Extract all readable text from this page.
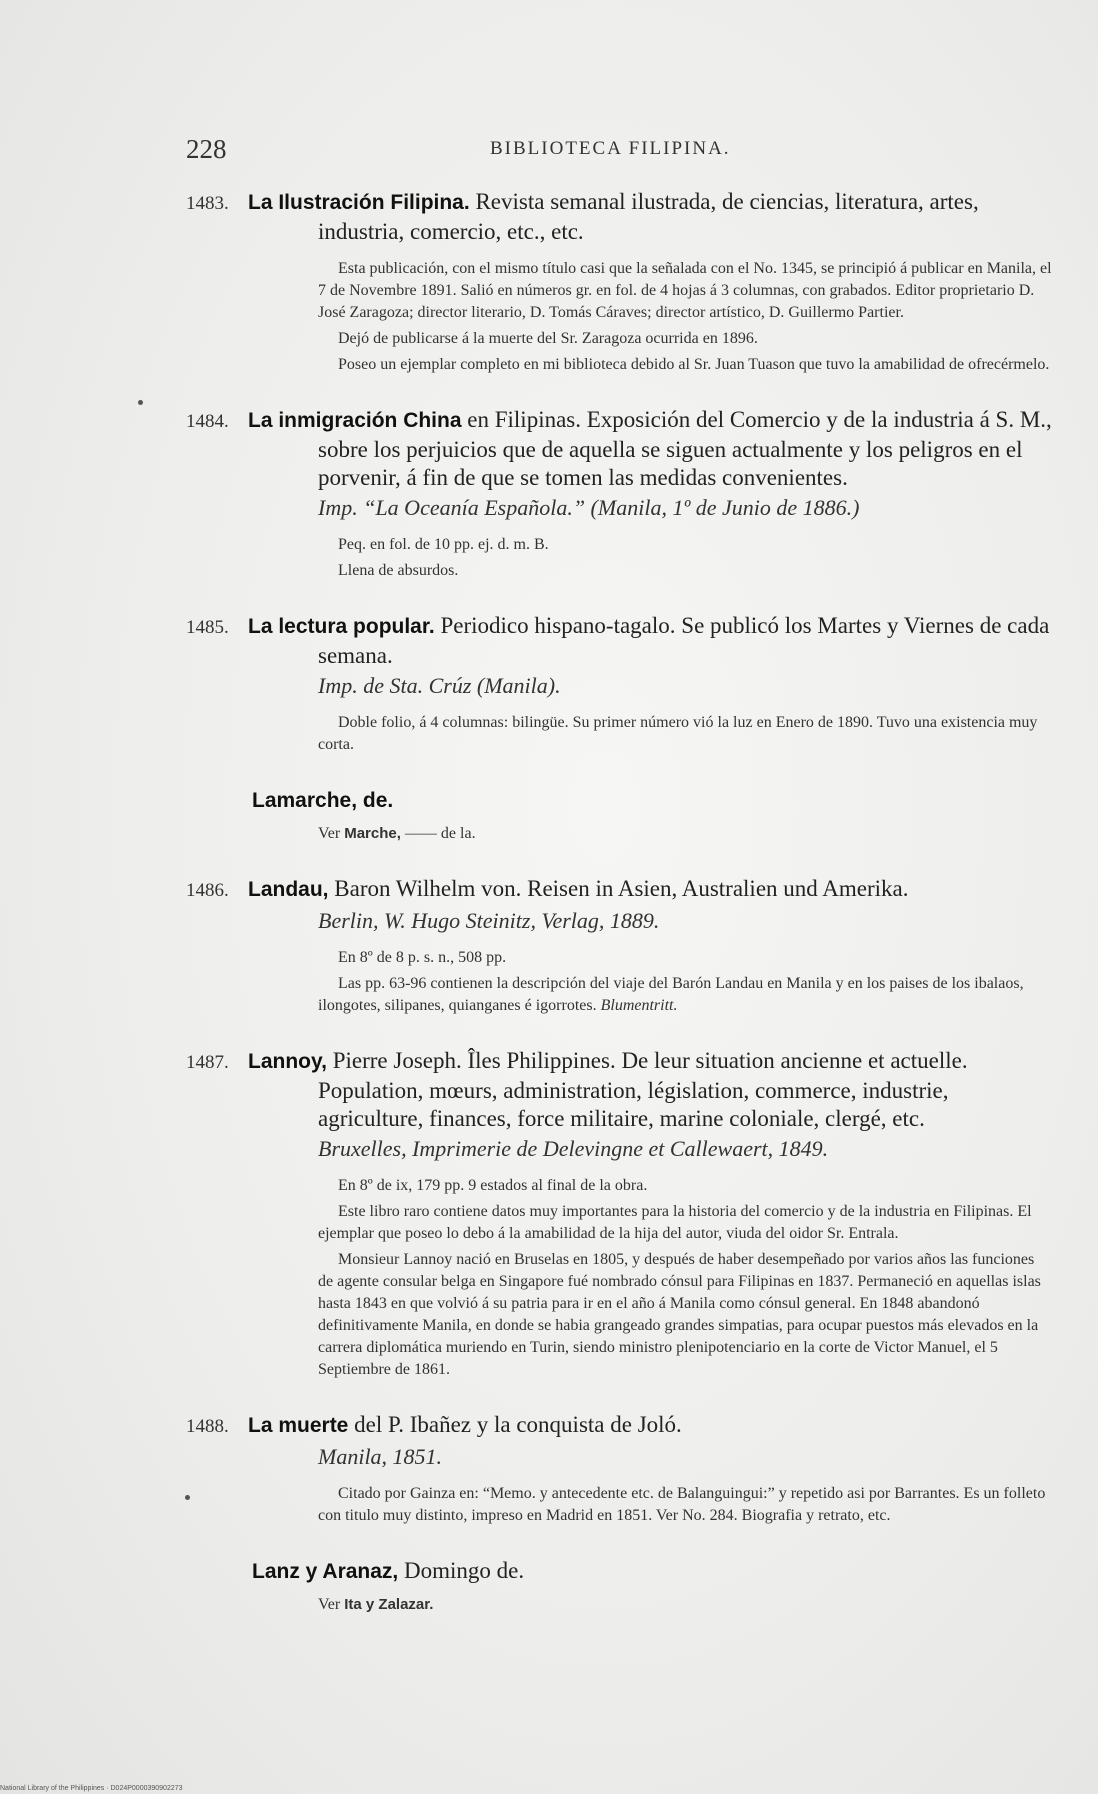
228	BIBLIOTECA FILIPINA.
1483. La Ilustración Filipina. Revista semanal ilustrada, de ciencias, literatura, artes, industria, comercio, etc., etc.
Esta publicación, con el mismo título casi que la señalada con el No. 1345, se principió á publicar en Manila, el 7 de Novembre 1891. Salió en números gr. en fol. de 4 hojas á 3 columnas, con grabados. Editor proprietario D. José Zaragoza; director literario, D. Tomás Cáraves; director artístico, D. Guillermo Partier.
Dejó de publicarse á la muerte del Sr. Zaragoza ocurrida en 1896.
Poseo un ejemplar completo en mi biblioteca debido al Sr. Juan Tuason que tuvo la amabilidad de ofrecérmelo.
1484. La inmigración China en Filipinas. Exposición del Comercio y de la industria á S. M., sobre los perjuicios que de aquella se siguen actualmente y los peligros en el porvenir, á fin de que se tomen las medidas convenientes.
Imp. “La Oceanía Española.” (Manila, 1º de Junio de 1886.)
Peq. en fol. de 10 pp. ej. d. m. B.
Llena de absurdos.
1485. La lectura popular. Periodico hispano-tagalo. Se publicó los Martes y Viernes de cada semana.
Imp. de Sta. Crúz (Manila).
Doble folio, á 4 columnas: bilingüe. Su primer número vió la luz en Enero de 1890. Tuvo una existencia muy corta.
Lamarche, de.
Ver Marche, —— de la.
1486. Landau, Baron Wilhelm von. Reisen in Asien, Australien und Amerika.
Berlin, W. Hugo Steinitz, Verlag, 1889.
En 8º de 8 p. s. n., 508 pp.
Las pp. 63-96 contienen la descripción del viaje del Barón Landau en Manila y en los paises de los ibalaos, ilongotes, silipanes, quianganes é igorrotes. Blumentritt.
1487. Lannoy, Pierre Joseph. Îles Philippines. De leur situation ancienne et actuelle. Population, mœurs, administration, législation, commerce, industrie, agriculture, finances, force militaire, marine coloniale, clergé, etc.
Bruxelles, Imprimerie de Delevingne et Callewaert, 1849.
En 8º de ix, 179 pp. 9 estados al final de la obra.
Este libro raro contiene datos muy importantes para la historia del comercio y de la industria en Filipinas. El ejemplar que poseo lo debo á la amabilidad de la hija del autor, viuda del oidor Sr. Entrala.
Monsieur Lannoy nació en Bruselas en 1805, y después de haber desempeñado por varios años las funciones de agente consular belga en Singapore fué nombrado cónsul para Filipinas en 1837. Permaneció en aquellas islas hasta 1843 en que volvió á su patria para ir en el año á Manila como cónsul general. En 1848 abandonó definitivamente Manila, en donde se habia grangeado grandes simpatias, para ocupar puestos más elevados en la carrera diplomática muriendo en Turin, siendo ministro plenipotenciario en la corte de Victor Manuel, el 5 Septiembre de 1861.
1488. La muerte del P. Ibañez y la conquista de Joló.
Manila, 1851.
Citado por Gainza en: “Memo. y antecedente etc. de Balanguingui:” y repetido asi por Barrantes. Es un folleto con titulo muy distinto, impreso en Madrid en 1851. Ver No. 284. Biografia y retrato, etc.
Lanz y Aranaz, Domingo de.
Ver Ita y Zalazar.
National Library of the Philippines · D024P0000390902273
